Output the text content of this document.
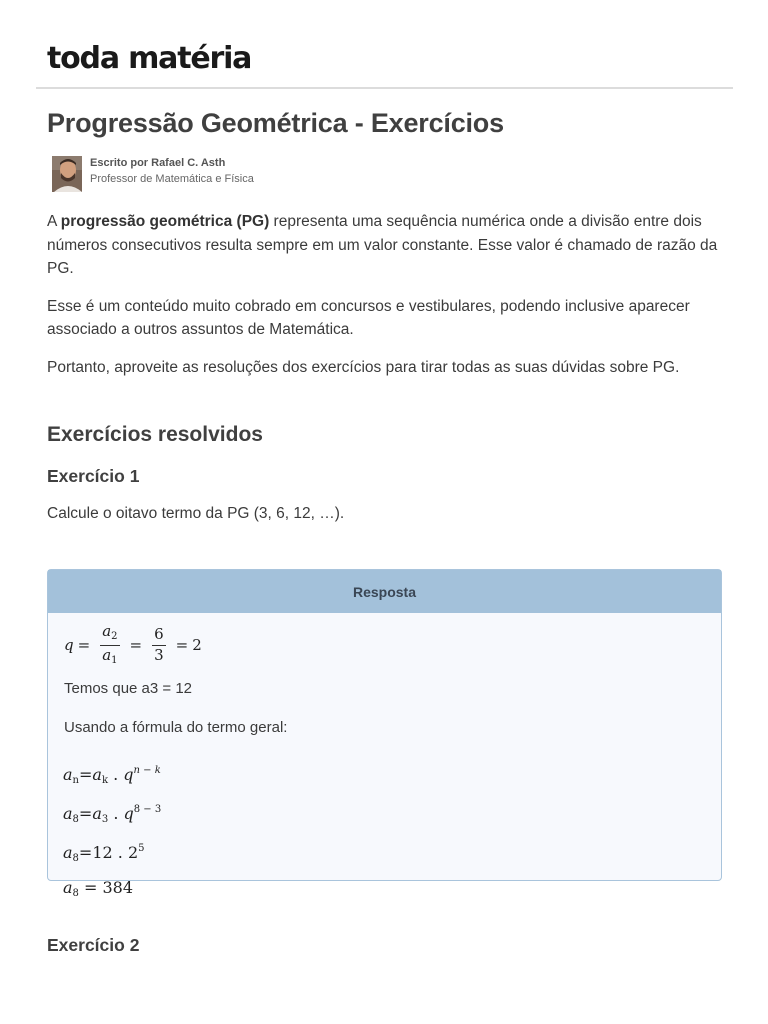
toda matéria
Progressão Geométrica - Exercícios
Escrito por Rafael C. Asth
Professor de Matemática e Física

A progressão geométrica (PG) representa uma sequência numérica onde a divisão entre dois números consecutivos resulta sempre em um valor constante. Esse valor é chamado de razão da PG.

Esse é um conteúdo muito cobrado em concursos e vestibulares, podendo inclusive aparecer associado a outros assuntos de Matemática.

Portanto, aproveite as resoluções dos exercícios para tirar todas as suas dúvidas sobre PG.

Exercícios resolvidos
Exercício 1

Calcule o oitavo termo da PG (3, 6, 12, …).

Resposta
$q = \frac{a_2}{a_1} = \frac{6}{3} = 2$

Temos que a3 = 12

Usando a fórmula do termo geral:

$a_n=a_k$ . $q^{n - k}$
$a_8=a_3$ . $q^{8 - 3}$
$a_8=12$ . $2^5$
$a_8 = 384$
Exercício 2
